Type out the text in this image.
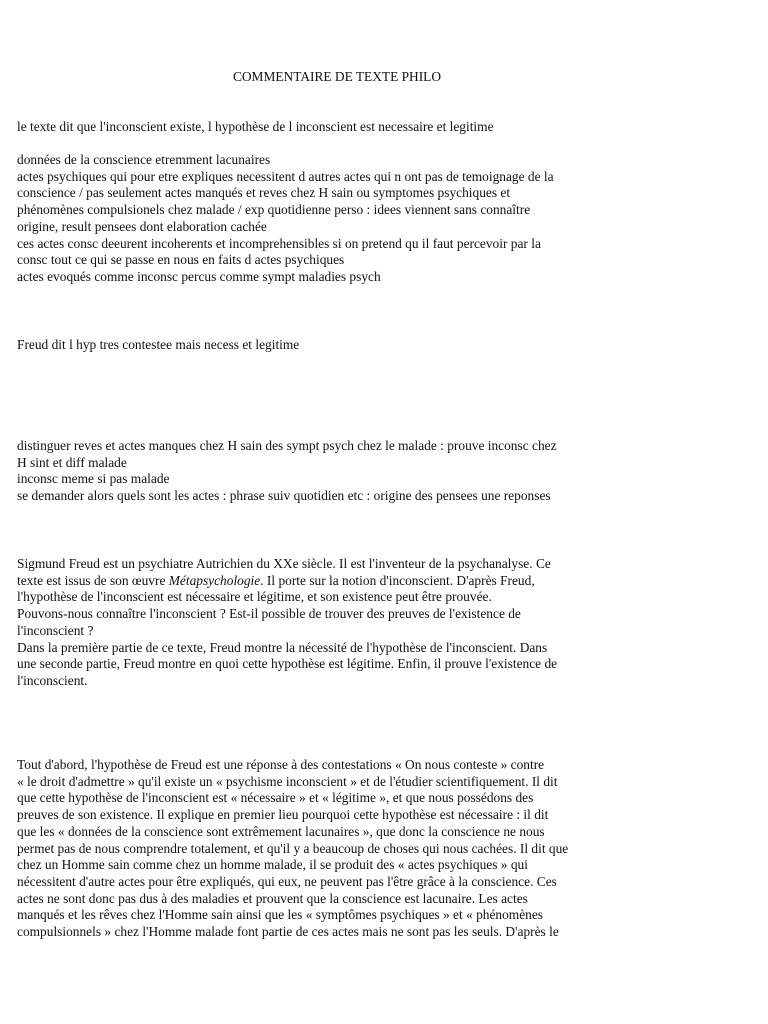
COMMENTAIRE DE TEXTE PHILO

le texte dit que l'inconscient existe, l hypothèse de l inconscient est necessaire et legitime

données de la conscience etremment lacunaires
actes psychiques qui pour etre expliques necessitent d autres actes qui n ont pas de temoignage de la
conscience / pas seulement actes manqués et reves chez H sain ou symptomes psychiques et
phénomènes compulsionels chez malade / exp quotidienne perso : idees viennent sans connaître
origine, result pensees dont elaboration cachée
ces actes consc deeurent incoherents et incomprehensibles si on pretend qu il faut percevoir par la
consc tout ce qui se passe en nous en faits d actes psychiques
actes evoqués comme inconsc percus comme sympt maladies psych

Freud dit l hyp tres contestee mais necess et legitime

distinguer reves et actes manques chez H sain des sympt psych chez le malade : prouve inconsc chez
H sint et diff malade
inconsc meme si pas malade
se demander alors quels sont les actes : phrase suiv quotidien etc : origine des pensees une reponses

Sigmund Freud est un psychiatre Autrichien du XXe siècle. Il est l'inventeur de la psychanalyse. Ce
texte est issus de son œuvre Métapsychologie. Il porte sur la notion d'inconscient. D'après Freud,
l'hypothèse de l'inconscient est nécessaire et légitime, et son existence peut être prouvée.
Pouvons-nous connaître l'inconscient ? Est-il possible de trouver des preuves de l'existence de
l'inconscient ?
Dans la première partie de ce texte, Freud montre la nécessité de l'hypothèse de l'inconscient. Dans
une seconde partie, Freud montre en quoi cette hypothèse est légitime. Enfin, il prouve l'existence de
l'inconscient.

Tout d'abord, l'hypothèse de Freud est une réponse à des contestations « On nous conteste » contre
« le droit d'admettre » qu'il existe un « psychisme inconscient » et de l'étudier scientifiquement. Il dit
que cette hypothèse de l'inconscient est « nécessaire » et « légitime », et que nous possédons des
preuves de son existence. Il explique en premier lieu pourquoi cette hypothèse est nécessaire : il dit
que les « données de la conscience sont extrêmement lacunaires », que donc la conscience ne nous
permet pas de nous comprendre totalement, et qu'il y a beaucoup de choses qui nous cachées. Il dit que
chez un Homme sain comme chez un homme malade, il se produit des « actes psychiques » qui
nécessitent d'autre actes pour être expliqués, qui eux, ne peuvent pas l'être grâce à la conscience. Ces
actes ne sont donc pas dus à des maladies et prouvent que la conscience est lacunaire. Les actes
manqués et les rêves chez l'Homme sain ainsi que les « symptômes psychiques » et « phénomènes
compulsionnels » chez l'Homme malade font partie de ces actes mais ne sont pas les seuls. D'après le
